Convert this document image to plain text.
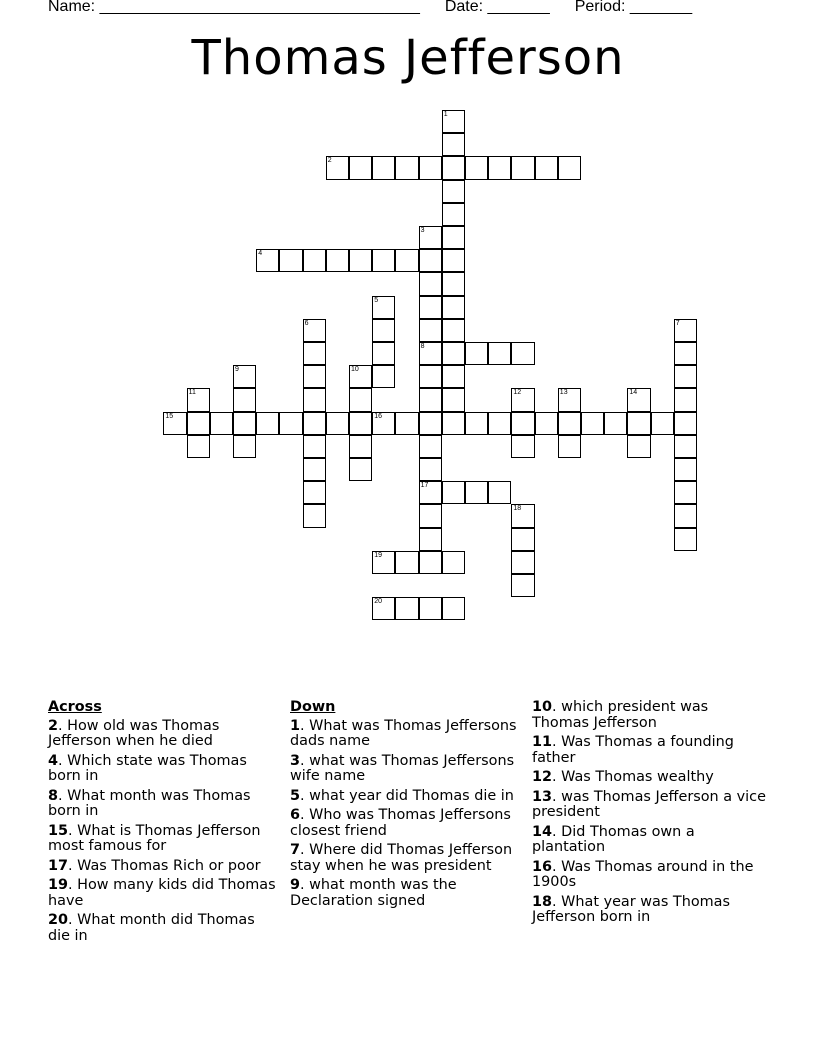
Name: ____________________________________ Date: _______ Period: _______
Thomas Jefferson
1
2
3
8
17
4
5
6	7
9	10
11	12	13	14
15	16
18
19
20
Across
2. How old was Thomas Jefferson when he died
4. Which state was Thomas born in
8. What month was Thomas born in
15. What is Thomas Jefferson most famous for
17. Was Thomas Rich or poor
19. How many kids did Thomas have
20. What month did Thomas die in
Down
1. What was Thomas Jeffersons dads name
3. what was Thomas Jeffersons wife name
5. what year did Thomas die in
6. Who was Thomas Jeffersons closest friend
7. Where did Thomas Jefferson stay when he was president
9. what month was the Declaration signed
10. which president was Thomas Jefferson
11. Was Thomas a founding father
12. Was Thomas wealthy
13. was Thomas Jefferson a vice president
14. Did Thomas own a plantation
16. Was Thomas around in the 1900s
18. What year was Thomas Jefferson born in
